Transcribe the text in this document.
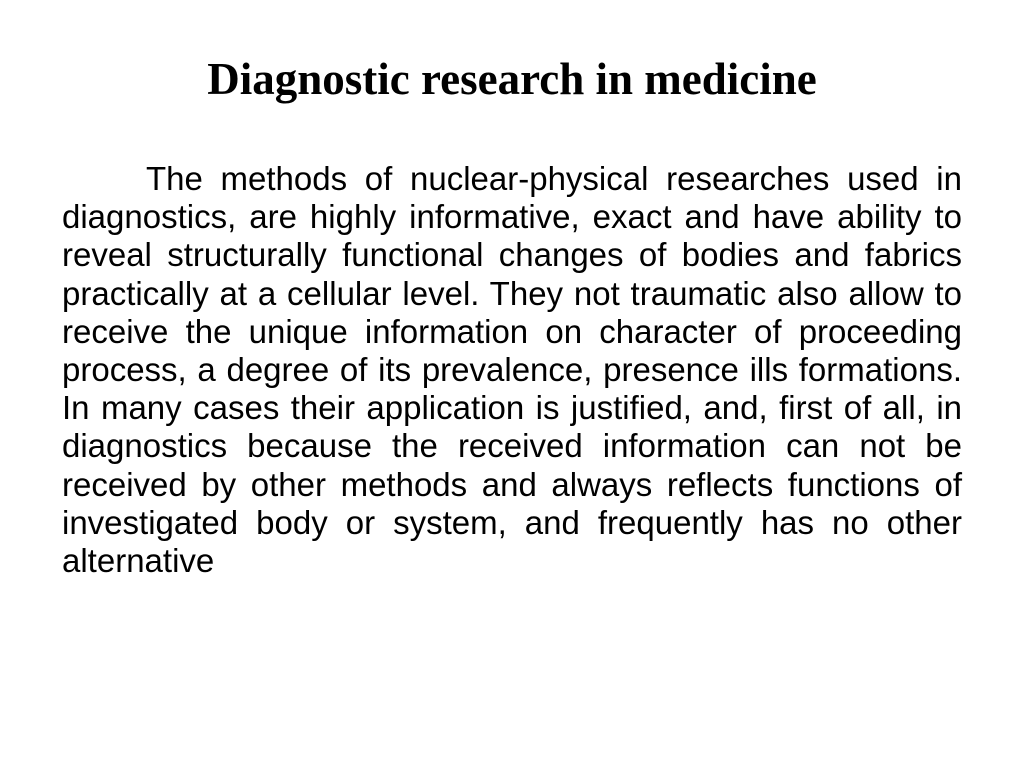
Diagnostic research in medicine

The methods of nuclear-physical researches used in diagnostics, are highly informative, exact and have ability to reveal structurally functional changes of bodies and fabrics practically at a cellular level. They not traumatic also allow to receive the unique information on character of proceeding process, a degree of its prevalence, presence ills formations. In many cases their application is justified, and, first of all, in diagnostics because the received information can not be received by other methods and always reflects functions of investigated body or system, and frequently has no other alternative
